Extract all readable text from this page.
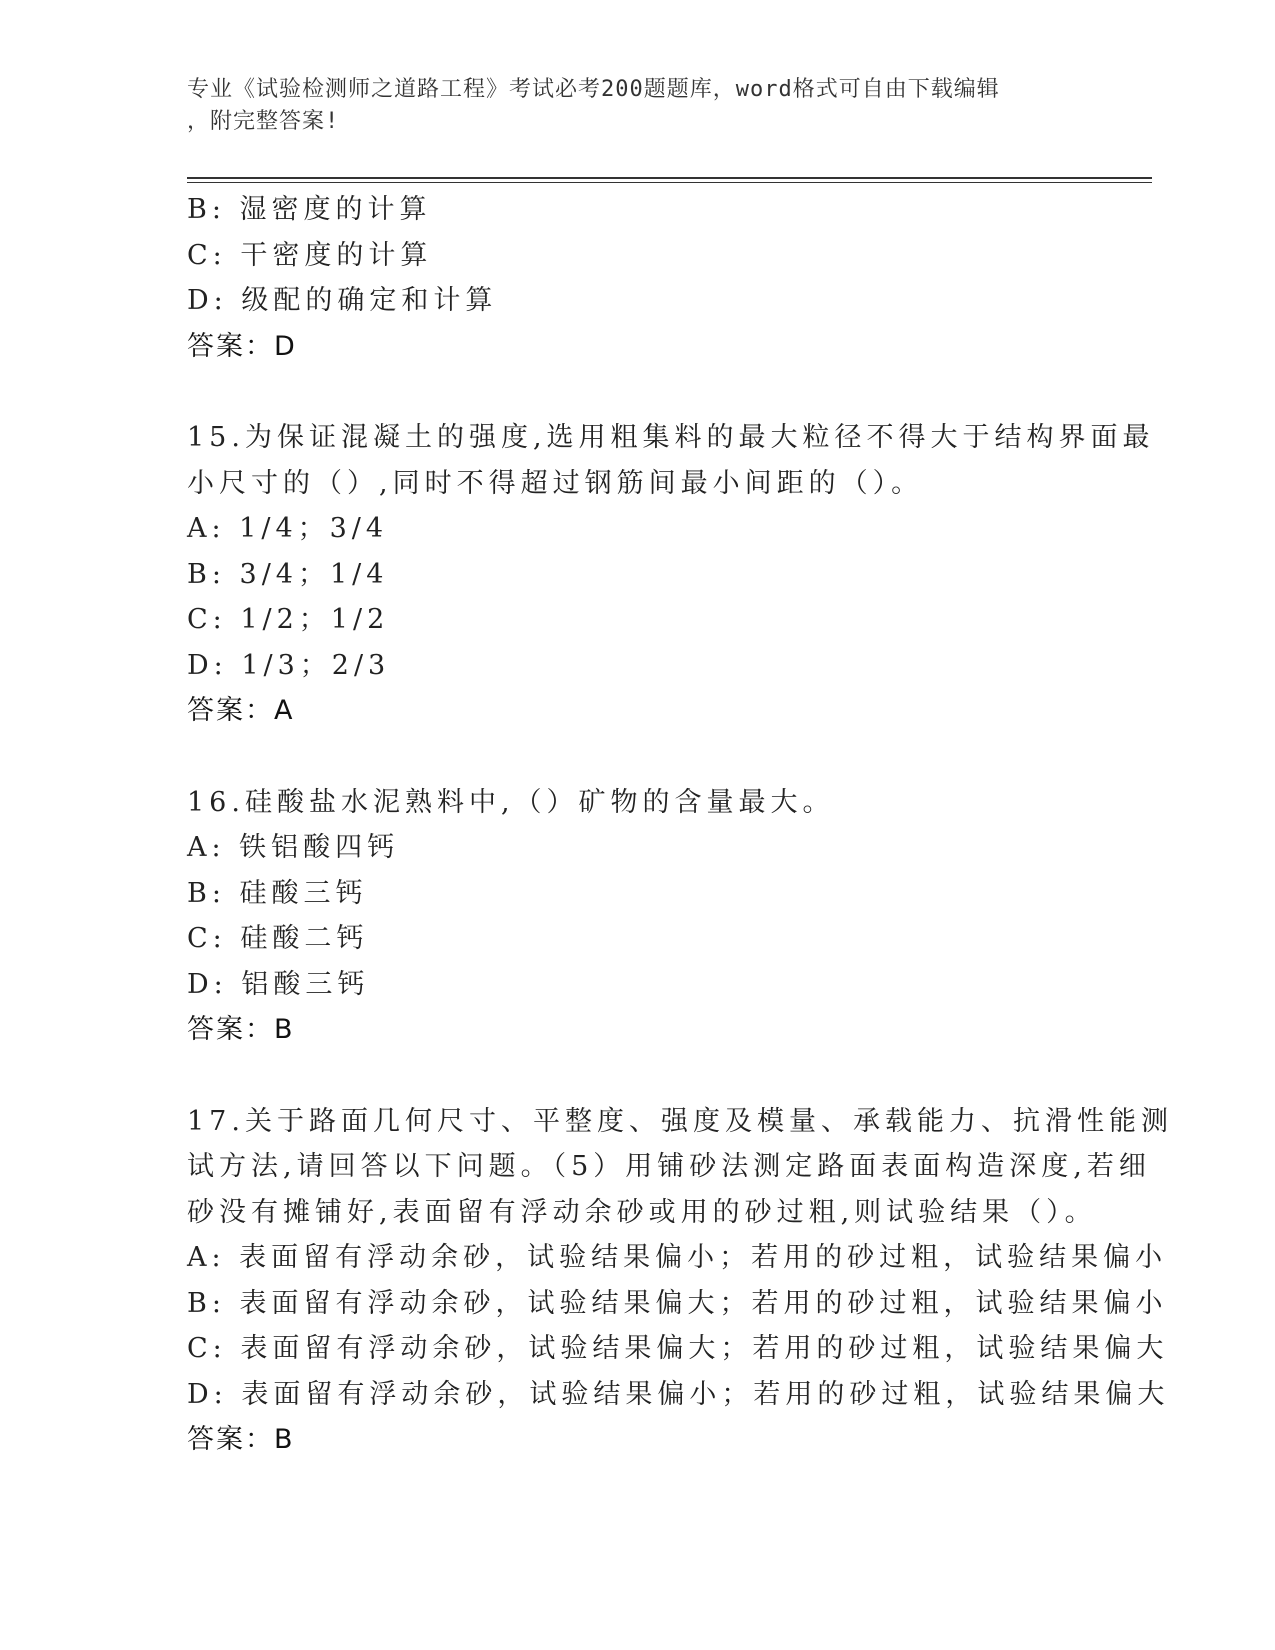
专业《试验检测师之道路工程》考试必考200题题库，word格式可自由下载编辑
，附完整答案!
B: 湿密度的计算
C: 干密度的计算
D: 级配的确定和计算
答案：D
15.为保证混凝土的强度,选用粗集料的最大粒径不得大于结构界面最
小尺寸的（）,同时不得超过钢筋间最小间距的（）。
A: 1/4；3/4
B: 3/4；1/4
C: 1/2；1/2
D: 1/3；2/3
答案：A
16.硅酸盐水泥熟料中,（）矿物的含量最大。
A: 铁铝酸四钙
B: 硅酸三钙
C: 硅酸二钙
D: 铝酸三钙
答案：B
17.关于路面几何尺寸、平整度、强度及模量、承载能力、抗滑性能测
试方法,请回答以下问题。（5）用铺砂法测定路面表面构造深度,若细
砂没有摊铺好,表面留有浮动余砂或用的砂过粗,则试验结果（）。
A: 表面留有浮动余砂，试验结果偏小；若用的砂过粗，试验结果偏小
B: 表面留有浮动余砂，试验结果偏大；若用的砂过粗，试验结果偏小
C: 表面留有浮动余砂，试验结果偏大；若用的砂过粗，试验结果偏大
D: 表面留有浮动余砂，试验结果偏小；若用的砂过粗，试验结果偏大
答案：B
